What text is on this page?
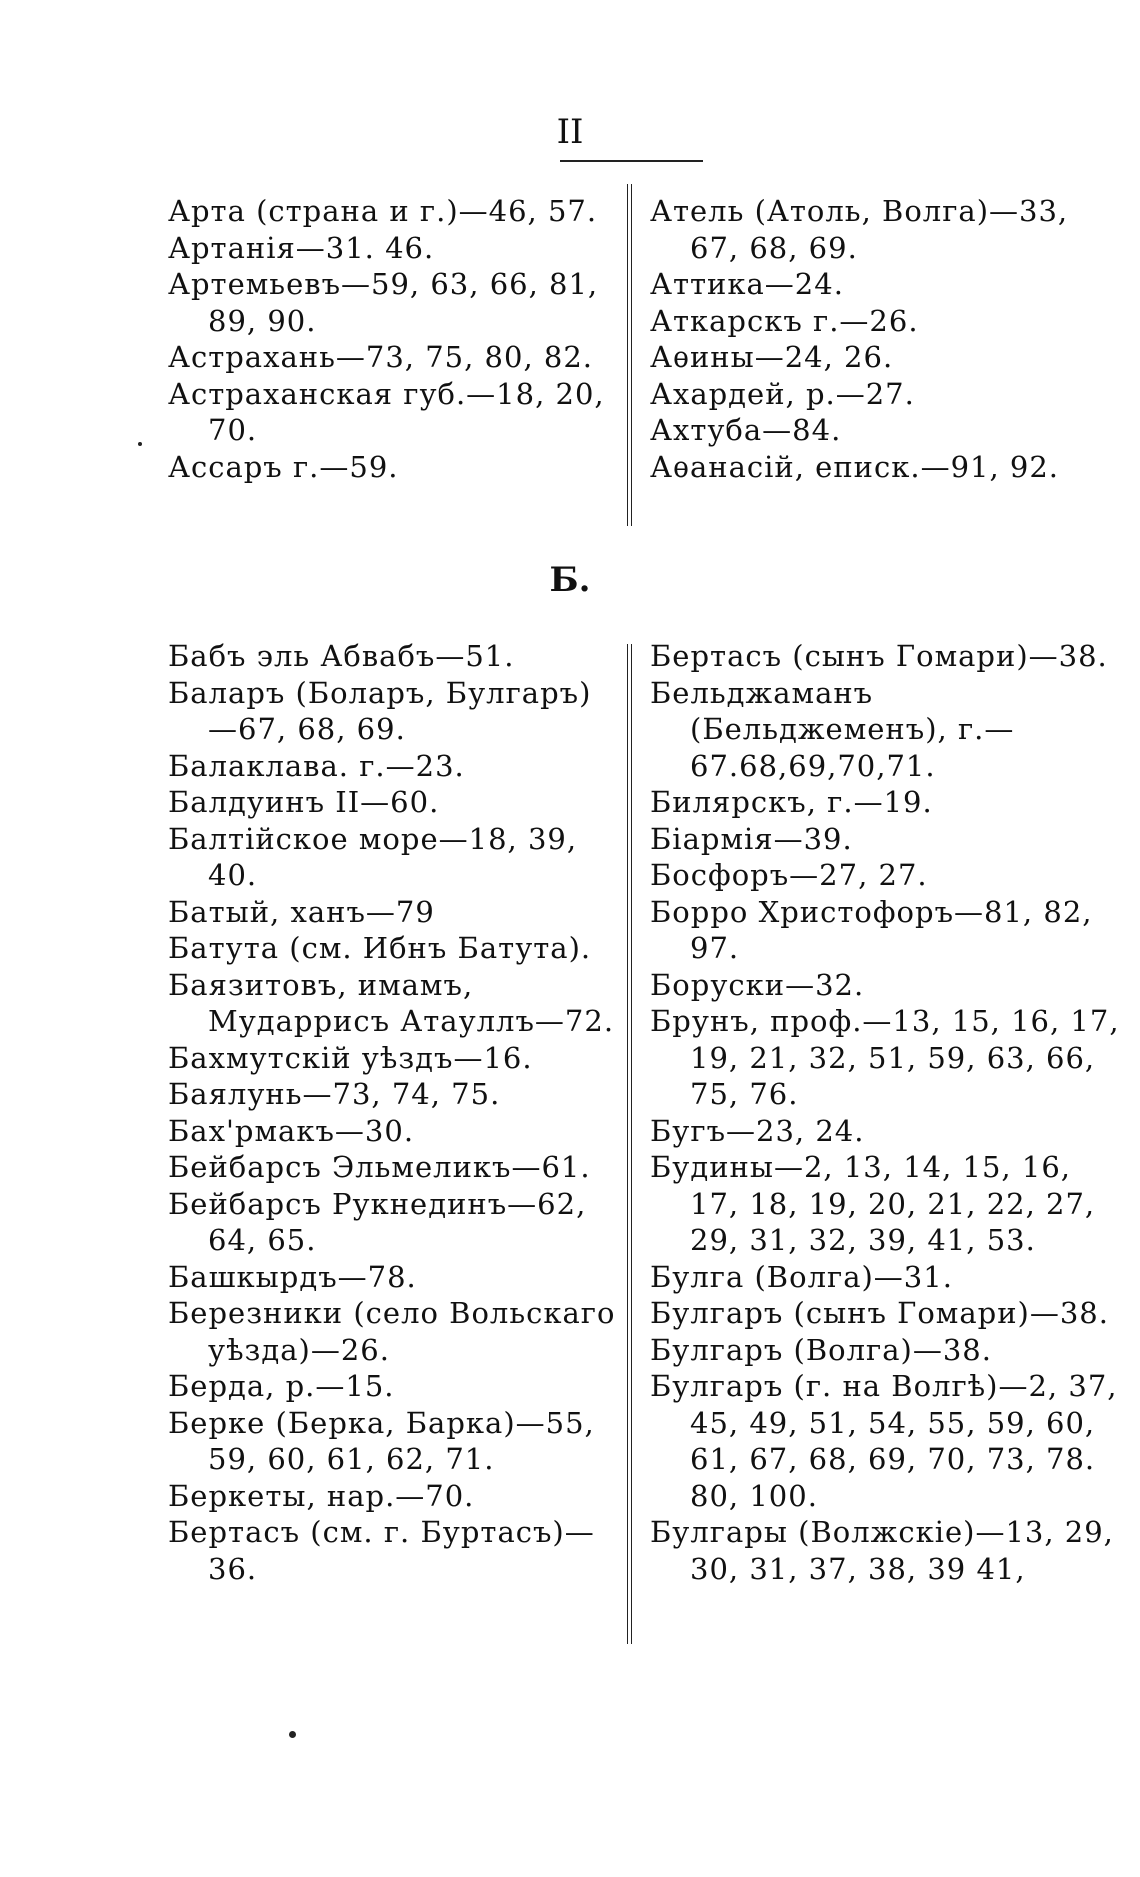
II
Арта (страна и г.)—46, 57.
Артанія—31. 46.
Артемьевъ—59, 63, 66, 81, 89, 90.
Астрахань—73, 75, 80, 82.
Астраханская губ.—18, 20, 70.
Ассаръ г.—59.
Атель (Атоль, Волга)—33, 67, 68, 69.
Аттика—24.
Аткарскъ г.—26.
Аѳины—24, 26.
Ахардей, р.—27.
Ахтуба—84.
Аѳанасій, еписк.—91, 92.
Б.
Бабъ эль Абвабъ—51.
Баларъ (Боларъ, Булгаръ)—67, 68, 69.
Балаклава. г.—23.
Балдуинъ II—60.
Балтійское море—18, 39, 40.
Батый, ханъ—79
Батута (см. Ибнъ Батута).
Баязитовъ, имамъ, Мударрисъ Атауллъ—72.
Бахмутскій уѣздъ—16.
Баялунь—73, 74, 75.
Бах'рмакъ—30.
Бейбарсъ Эльмеликъ—61.
Бейбарсъ Рукнединъ—62, 64, 65.
Башкырдъ—78.
Березники (село Вольскаго уѣзда)—26.
Берда, р.—15.
Берке (Берка, Барка)—55, 59, 60, 61, 62, 71.
Беркеты, нар.—70.
Бертасъ (см. г. Буртасъ)—36.
Бертасъ (сынъ Гомари)—38.
Бельджаманъ (Бельджеменъ), г.—67.68,69,70,71.
Билярскъ, г.—19.
Біармія—39.
Босфоръ—27, 27.
Борро Христофоръ—81, 82, 97.
Боруски—32.
Брунъ, проф.—13, 15, 16, 17, 19, 21, 32, 51, 59, 63, 66, 75, 76.
Бугъ—23, 24.
Будины—2, 13, 14, 15, 16, 17, 18, 19, 20, 21, 22, 27, 29, 31, 32, 39, 41, 53.
Булга (Волга)—31.
Булгаръ (сынъ Гомари)—38.
Булгаръ (Волга)—38.
Булгаръ (г. на Волгѣ)—2, 37, 45, 49, 51, 54, 55, 59, 60, 61, 67, 68, 69, 70, 73, 78. 80, 100.
Булгары (Волжскіе)—13, 29, 30, 31, 37, 38, 39 41,
